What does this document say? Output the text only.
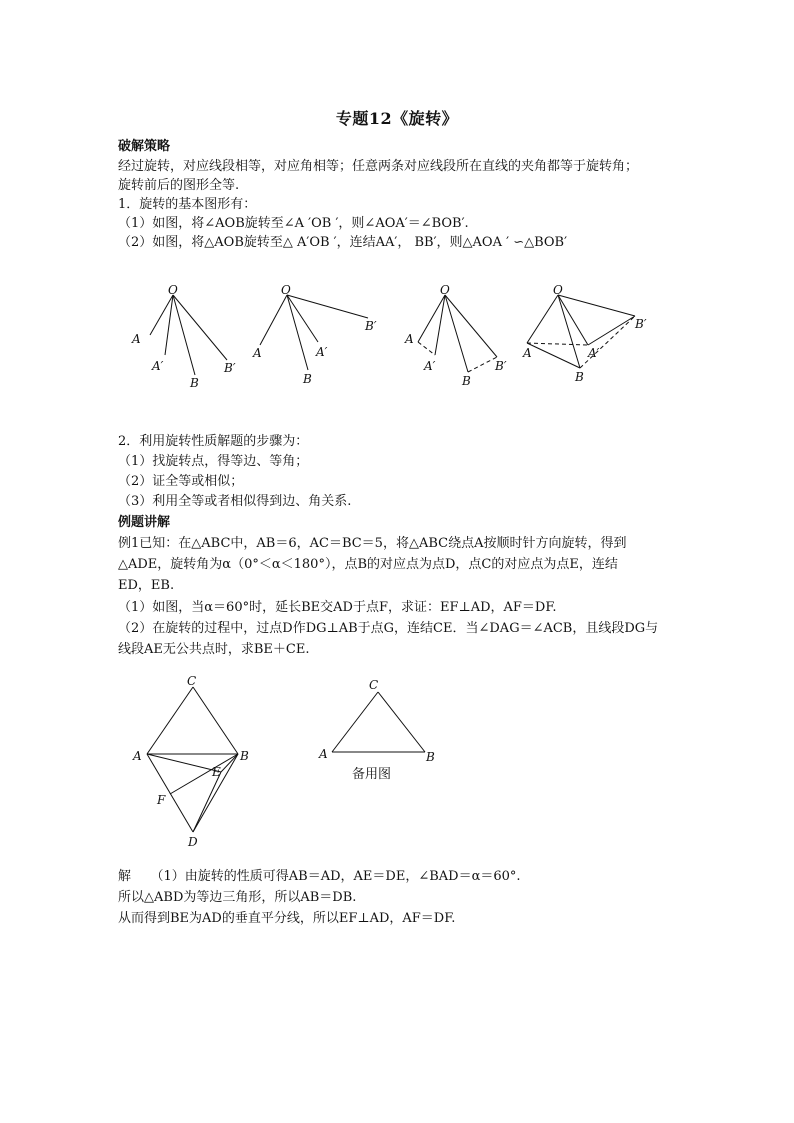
专题12《旋转》
破解策略
经过旋转，对应线段相等，对应角相等；任意两条对应线段所在直线的夹角都等于旋转角；
旋转前后的图形全等.
1．旋转的基本图形有：
（1）如图，将∠AOB旋转至∠A ′OB ′，则∠AOA′＝∠BOB′.
（2）如图，将△AOB旋转至△ A′OB ′，连结AA′， BB′，则△AOA ′ ∽△BOB′
O
A
A′
B
B′
O
A	A′
B
B′
O
A
A′
B
B′
O
A	A′
B
B′
2．利用旋转性质解题的步骤为：
（1）找旋转点，得等边、等角；
（2）证全等或相似；
（3）利用全等或者相似得到边、角关系.
例题讲解
例1已知：在△ABC中，AB＝6，AC＝BC＝5，将△ABC绕点A按顺时针方向旋转，得到
△ADE，旋转角为α（0°＜α＜180°），点B的对应点为点D，点C的对应点为点E，连结
ED，EB.
（1）如图，当α＝60°时，延长BE交AD于点F，求证：EF⊥AD，AF＝DF.
（2）在旋转的过程中，过点D作DG⊥AB于点G，连结CE．当∠DAG＝∠ACB，且线段DG与
线段AE无公共点时，求BE＋CE.
C
A	B
E
F
D
C
A	B
备用图
解　　（1）由旋转的性质可得AB＝AD，AE＝DE，∠BAD＝α＝60°.
所以△ABD为等边三角形，所以AB＝DB.
从而得到BE为AD的垂直平分线，所以EF⊥AD，AF＝DF.
